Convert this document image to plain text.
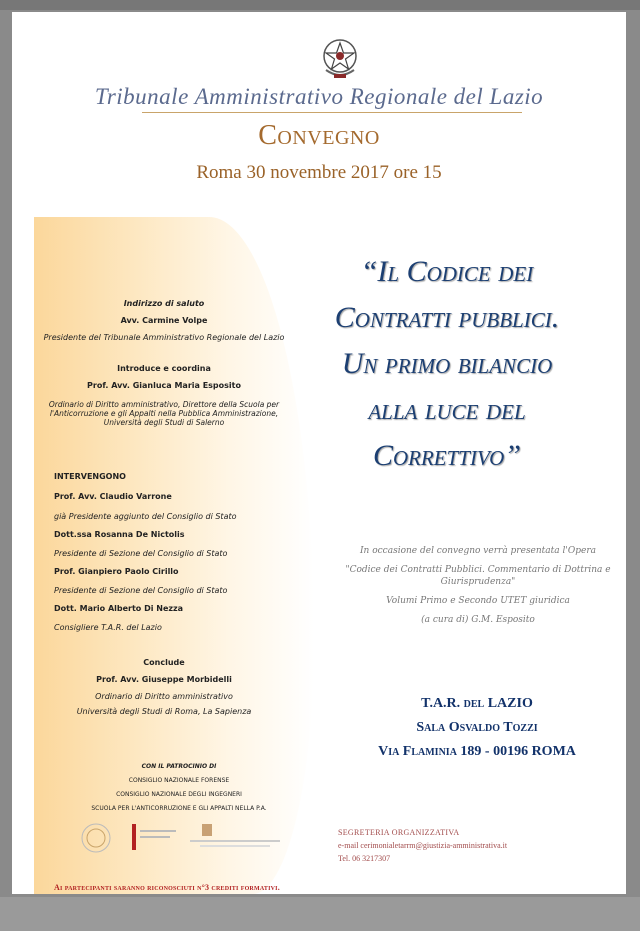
Tribunale Amministrativo Regionale del Lazio
Convegno
Roma 30 novembre 2017 ore 15
“Il Codice dei
Contratti pubblici.
Un primo bilancio
alla luce del
Correttivo”
Indirizzo di saluto
Avv. Carmine Volpe
Presidente del Tribunale Amministrativo Regionale del Lazio
Introduce e coordina
Prof. Avv. Gianluca Maria Esposito
Ordinario di Diritto amministrativo, Direttore della Scuola per
l'Anticorruzione e gli Appalti nella Pubblica Amministrazione,
Università degli Studi di Salerno
INTERVENGONO
Prof. Avv. Claudio Varrone
già Presidente aggiunto del Consiglio di Stato
Dott.ssa Rosanna De Nictolis
Presidente di Sezione del Consiglio di Stato
Prof. Gianpiero Paolo Cirillo
Presidente di Sezione del Consiglio di Stato
Dott. Mario Alberto Di Nezza
Consigliere T.A.R. del Lazio
Conclude
Prof. Avv. Giuseppe Morbidelli
Ordinario di Diritto amministrativo
Università degli Studi di Roma, La Sapienza
CON IL PATROCINIO DI
CONSIGLIO NAZIONALE FORENSE
CONSIGLIO NAZIONALE DEGLI INGEGNERI
SCUOLA PER L'ANTICORRUZIONE E GLI APPALTI NELLA P.A.
In occasione del convegno verrà presentata l'Opera
"Codice dei Contratti Pubblici. Commentario di Dottrina e Giurisprudenza"
Volumi Primo e Secondo UTET giuridica
(a cura di) G.M. Esposito
T.A.R. del LAZIO
Sala Osvaldo Tozzi
Via Flaminia 189 - 00196 ROMA
SEGRETERIA ORGANIZZATIVA
e-mail cerimonialetarrm@giustizia-amministrativa.it
Tel. 06 3217307
Ai partecipanti saranno riconosciuti n°3 crediti formativi.
